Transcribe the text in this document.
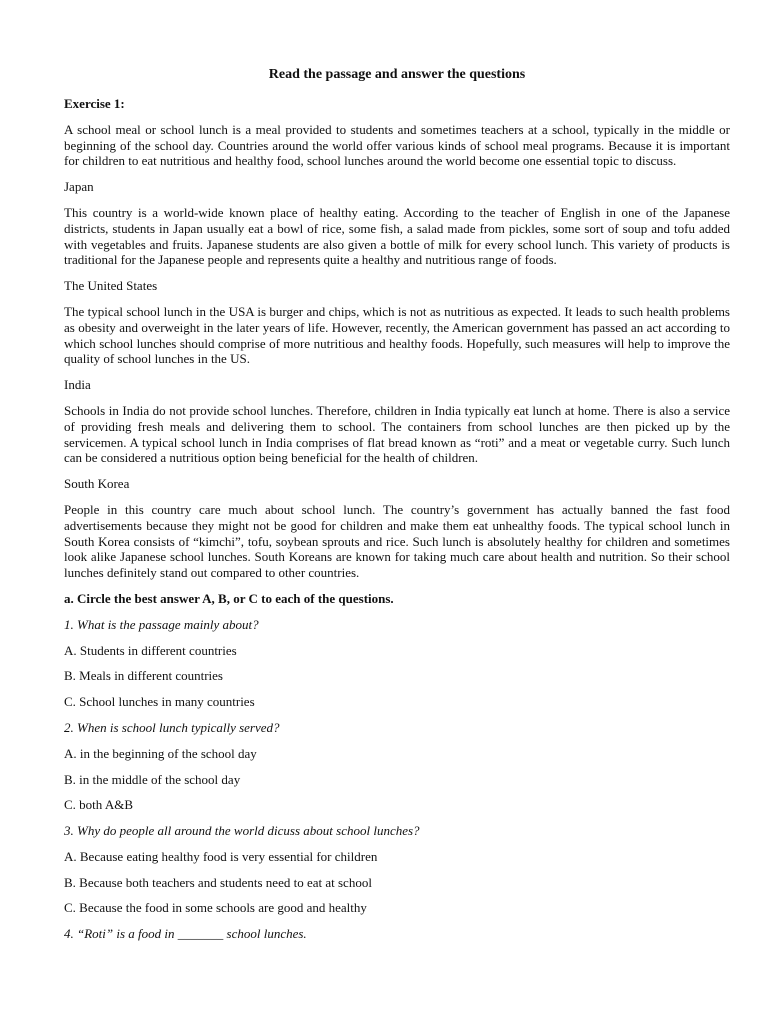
Read the passage and answer the questions
Exercise 1:
A school meal or school lunch is a meal provided to students and sometimes teachers at a school, typically in the middle or beginning of the school day. Countries around the world offer various kinds of school meal programs. Because it is important for children to eat nutritious and healthy food, school lunches around the world become one essential topic to discuss.
Japan
This country is a world-wide known place of healthy eating. According to the teacher of English in one of the Japanese districts, students in Japan usually eat a bowl of rice, some fish, a salad made from pickles, some sort of soup and tofu added with vegetables and fruits. Japanese students are also given a bottle of milk for every school lunch. This variety of products is traditional for the Japanese people and represents quite a healthy and nutritious range of foods.
The United States
The typical school lunch in the USA is burger and chips, which is not as nutritious as expected. It leads to such health problems as obesity and overweight in the later years of life. However, recently, the American government has passed an act according to which school lunches should comprise of more nutritious and healthy foods. Hopefully, such measures will help to improve the quality of school lunches in the US.
India
Schools in India do not provide school lunches. Therefore, children in India typically eat lunch at home. There is also a service of providing fresh meals and delivering them to school. The containers from school lunches are then picked up by the servicemen. A typical school lunch in India comprises of flat bread known as “roti” and a meat or vegetable curry. Such lunch can be considered a nutritious option being beneficial for the health of children.
South Korea
People in this country care much about school lunch. The country’s government has actually banned the fast food advertisements because they might not be good for children and make them eat unhealthy foods. The typical school lunch in South Korea consists of “kimchi”, tofu, soybean sprouts and rice. Such lunch is absolutely healthy for children and sometimes look alike Japanese school lunches. South Koreans are known for taking much care about health and nutrition. So their school lunches definitely stand out compared to other countries.
a. Circle the best answer A, B, or C to each of the questions.
1. What is the passage mainly about?
A. Students in different countries
B. Meals in different countries
C. School lunches in many countries
2. When is school lunch typically served?
A. in the beginning of the school day
B. in the middle of the school day
C. both A&B
3. Why do people all around the world dicuss about school lunches?
A. Because eating healthy food is very essential for children
B. Because both teachers and students need to eat at school
C. Because the food in some schools are good and healthy
4. “Roti” is a food in _______ school lunches.
